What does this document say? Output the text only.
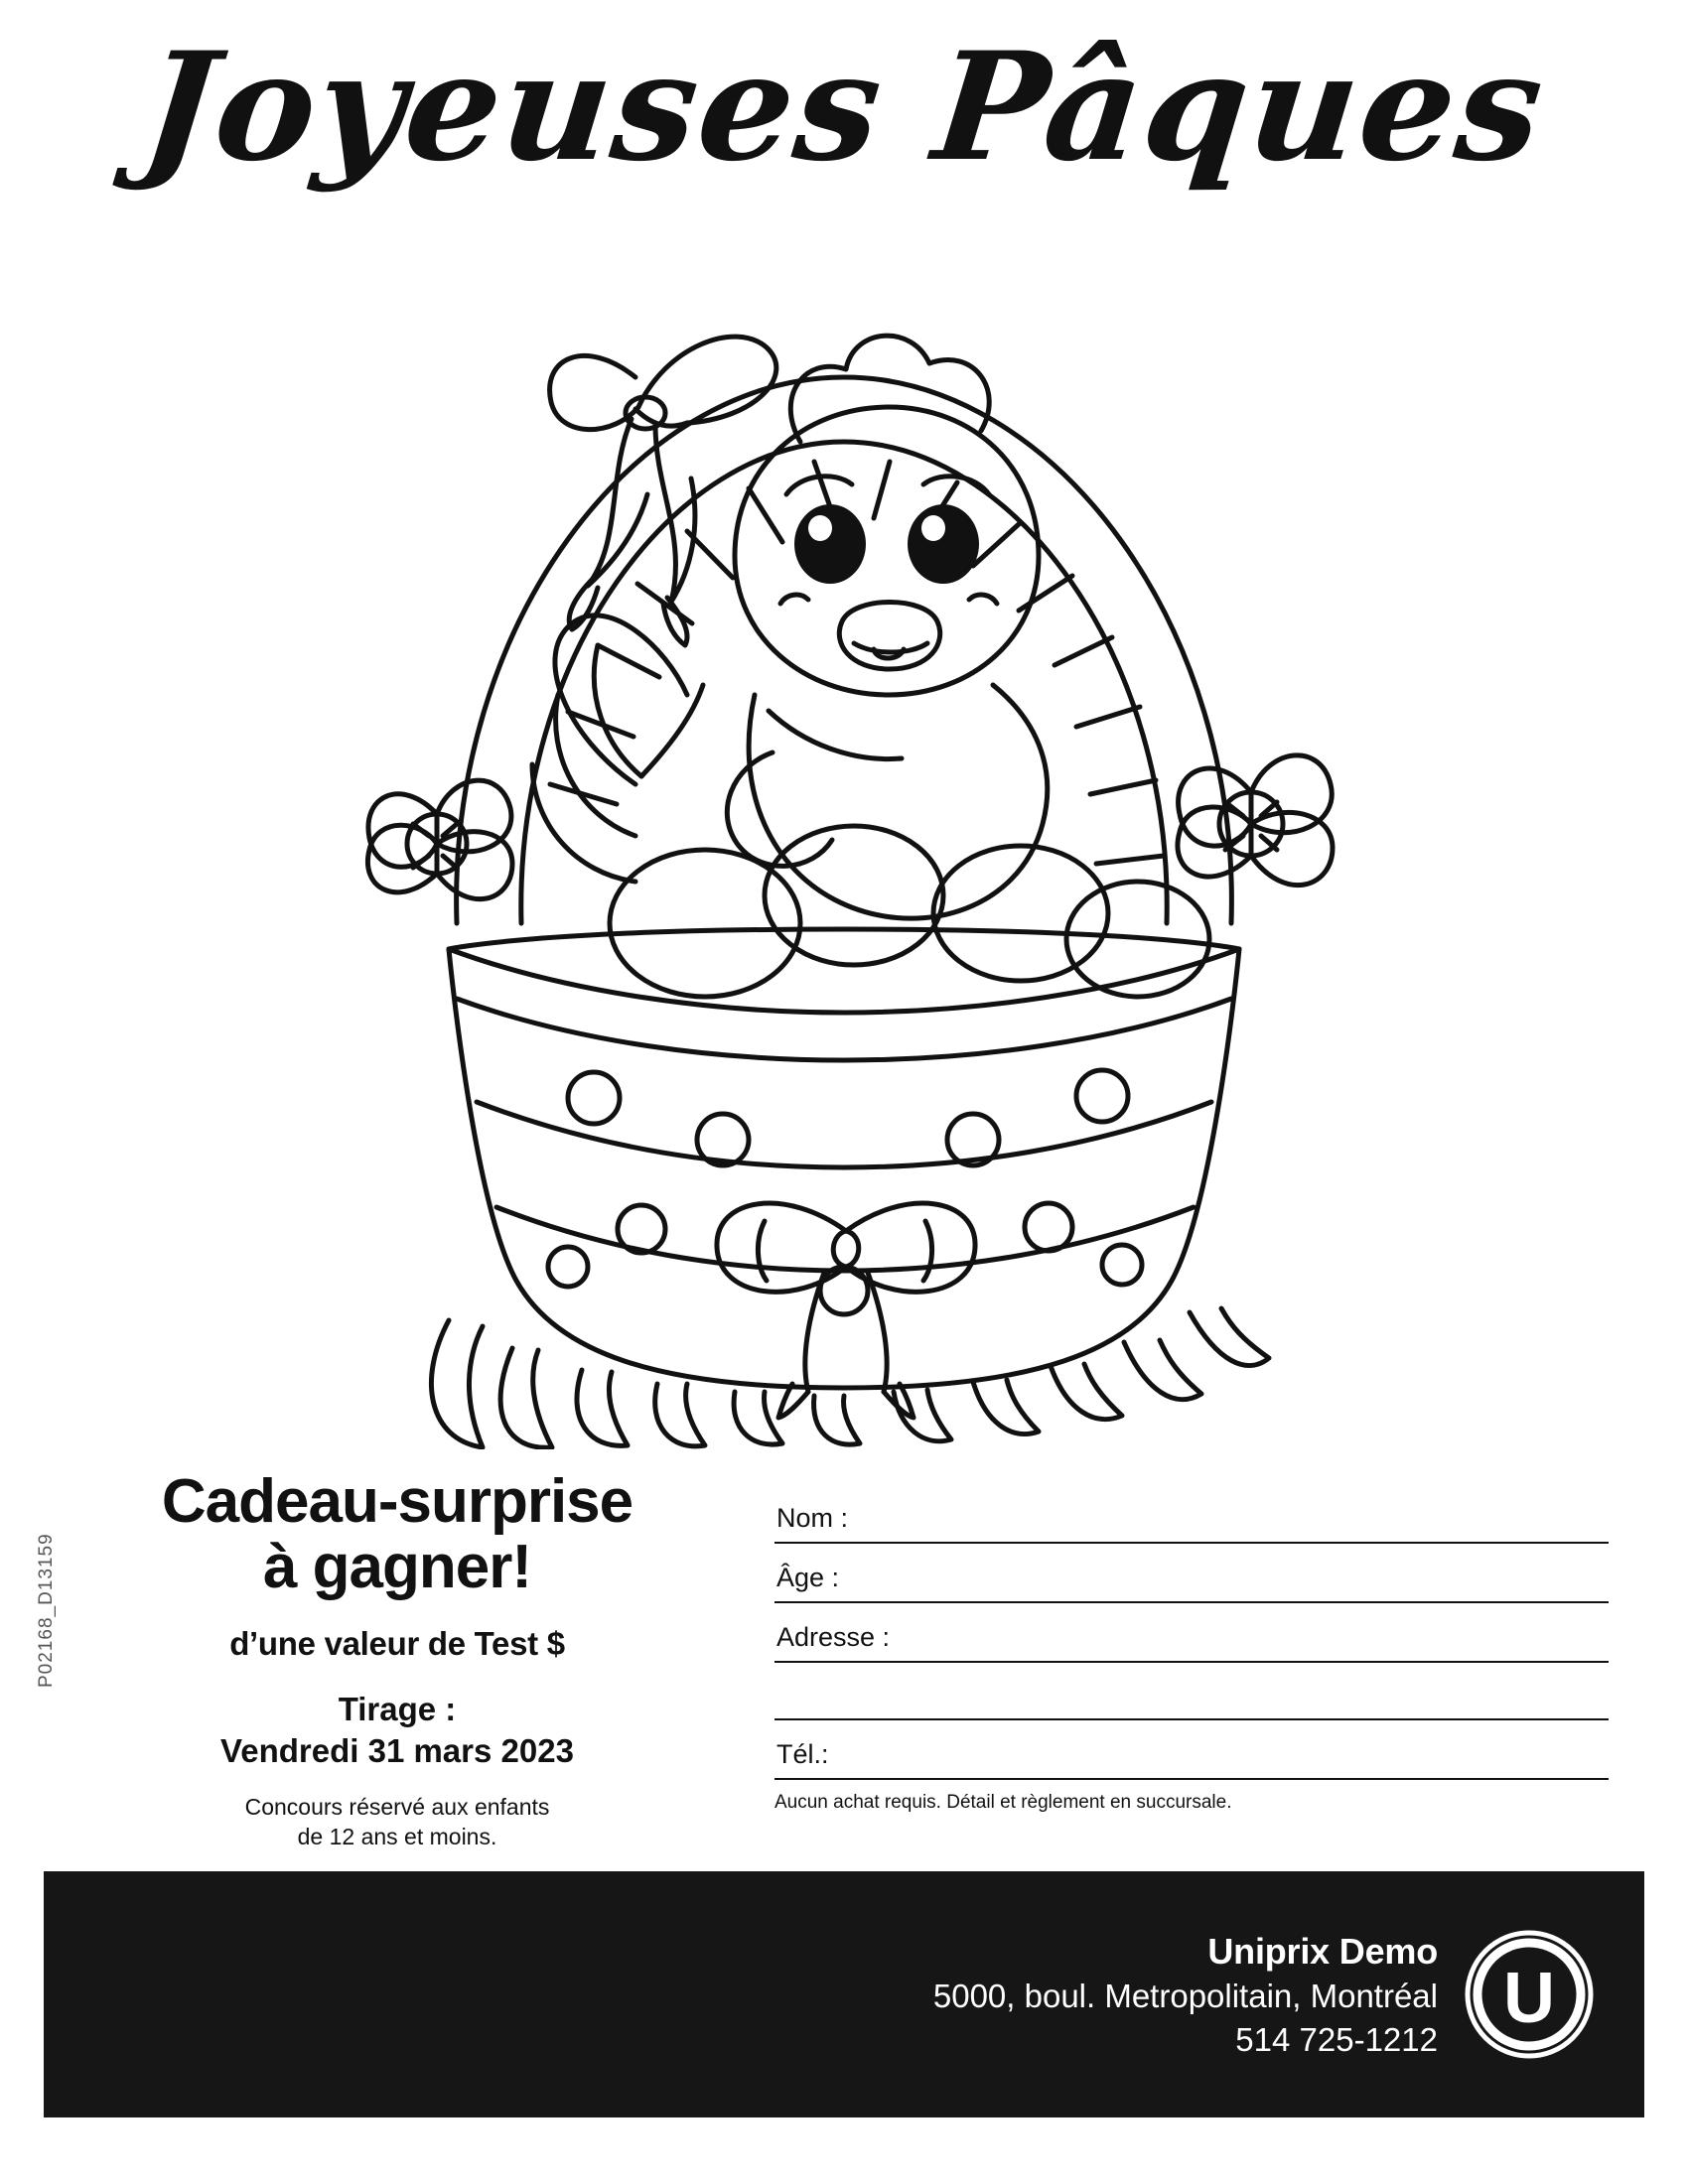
Joyeuses Pâques
Cadeau-surprise
à gagner!
d’une valeur de Test $
Tirage :
Vendredi 31 mars 2023
Concours réservé aux enfants
de 12 ans et moins.
P02168_D13159
Nom :
Âge :
Adresse :
Tél.:
Aucun achat requis. Détail et règlement en succursale.
Uniprix Demo
5000, boul. Metropolitain, Montréal
514 725-1212
U
